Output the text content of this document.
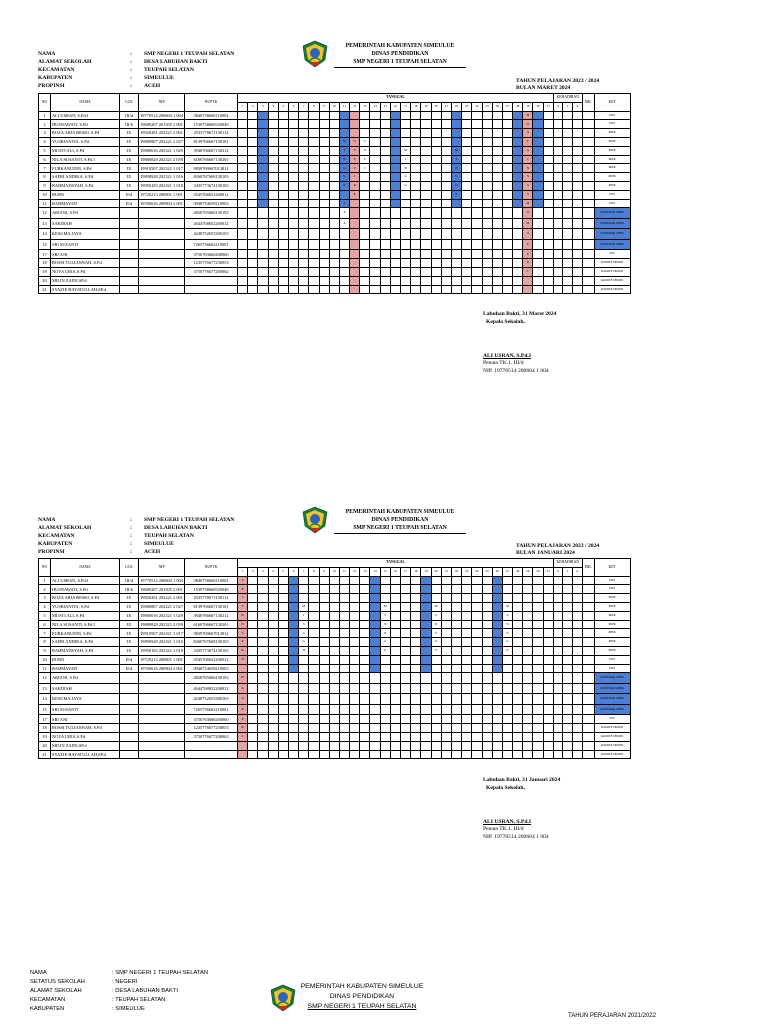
NAMA	:	SMP NEGERI 1 TEUPAH SELATAN
ALAMAT SEKOLAH	:	DESA LABUHAN BAKTI
KECAMATAN	:	TEUPAH SELATAN
KABUPATEN	:	SIMEULUE
PROPINSI	:	ACEH
PEMERINTAH KABUPATEN SIMEULUE
DINAS PENDIDIKAN
SMP NEGERI 1 TEUPAH SELATAN
TAHUN PELAJARAN 2023 / 2024
BULAN MARET 2024
NO	NAMA	GOL	NIP	NUPTK	TANGGAL																															KEHADIRAN			JML	KET
					1	2	3	4	5	6	7	8	9	10	11	12	13	14	15	16	17	18	19	20	21	22	23	24	25	26	27	28	29	30	31	S	I	A		
1	ALI USRAN, S.Pd.I	III/d	19770514 200604 1 004	3846756660110002																													W							PNS
2	HUSNAWATI, S.Pd	III/b	19680207 201505 2 001	1539758660520040																													W							PNS
3	ROZA ARIA RESKI, S.Pd	IX	19920201 202221 2 001	2533770671130112																													A							PPPK
4	YUSRIANITA, S.Pd	IX	19880807 202221 2 027	8139766667130101											M	N	C																F							PPPK
5	MUSTI ALI, S.Pd	IX	19880616 202321 1 029	3948766667130212											T	Y	U				M					M							A							PPPK
6	NILA SUSANTI, S.Pd.I	IX	19880828 202321 2 039	6160766667130201											N	E	T				I					T							I							PPPK
7	FURKANUDIN, S.Pd	IX	19910507 202321 1 017	9839769667013812											G	P	I				D					N							N							PPPK
8	SAFRI ANDIKA, S.Pd	IX	19890928 202321 1 016	8260767668130103											G	I					G					G							S							PPPK
9	RAHMADSYAH, S.Pd	IX	19950103 202321 1 018	3435773674130102											E	R					G					G							S							PPPK
10	RUBN	II/d	19720213 200801 1 001	0545766652200012												E										E							S							PNS
11	RAHMAYATI	II/d	19760616 200904 2 001	0948754658210002											S																		M							PNS
12	ARIANI, S.Pd			4828765666130192											A																		A							KONTRAK APBK
13	SAKDIAH			2644768652200012											A																		M							KONTRAK APBK
14	KESUMA JAYA			4248752655300103																													A							KONTRAK APBK
15	SRI SUSANTI			7265756662210001																													E							KONTRAK APBK
17	SRI ANI			3756763666200060																													E							P3S
18	ROSSI TULIANNAH, S.Pd			1235776677250053																													R							KOMITE MURNI
19	NOVA URIA,S.Pd			3750776677200062																													I							KOMITE MURNI
20	MILIN ZAINI,SP.d																																							KOMITE MURNI
21	SYAZIE HAYATULLAH,SP.d																																							KOMITE MURNI
Labuhan Bakti, 31 Maret 2024
Kepala Sekolah,
ALI USRAN, S.Pd.I
Penata TK.1. III/d
NIP. 19770514 200604 1 004
NAMA	:	SMP NEGERI 1 TEUPAH SELATAN
ALAMAT SEKOLAH	:	DESA LABUHAN BAKTI
KECAMATAN	:	TEUPAH SELATAN
KABUPATEN	:	SIMEULUE
PROPINSI	:	ACEH
PEMERINTAH KABUPATEN SIMEULUE
DINAS PENDIDIKAN
SMP NEGERI 1 TEUPAH SELATAN
TAHUN PELAJARAN 2023 / 2024
BULAN JANUARI 2024
NO	NAMA	GOL	NIP	NUPTK	TANGGAL																															KEHADIRAN			JML	KET
					1	2	3	4	5	6	7	8	9	10	11	12	13	14	15	16	17	18	19	20	21	22	23	24	25	26	27	28	29	30	31	S	I	A		
1	ALI USRAN, S.Pd.I	III/d	19770514 200604 1 004	3846756660110002	T																																			PNS
2	HUSNAWATI, S.Pd	III/b	19680207 201505 2 001	1539758660520040	E																																			PNS
3	ROZA ARIA RESKI, S.Pd	IX	19920201 202221 2 001	2533770671130112	S																																			PPPK
4	YUSRIANITA, S.Pd	IX	19880807 202221 2 027	8139766667130101	T						M								M					M							M									PPPK
5	MUSTI ALI, S.Pd	IX	19880616 202321 1 029	3948766667130212	K						I								S					S							S									PPPK
6	NILA SUSANTI, S.Pd.I	IX	19880828 202321 2 039	6160766667130201	N						S								N					N							N									PPPK
7	FURKANUDIN, S.Pd	IX	19910507 202321 1 017	9839769667013812	S						G								N					S							S									PPPK
8	SAFRI ANDIKA, S.Pd	IX	19890928 202321 1 016	8260767668130103	E						G								G					G							G									PPPK
9	RAHMADSYAH, S.Pd	IX	19950103 202321 1 018	3435773674130102	R						D								E					E							E									PPPK
10	RUBN	II/d	19720213 200801 1 001	0545766652200012	H																																			PNS
11	RAHMAYATI	II/d	19760616 200904 2 001	0948754658210002																																				PNS
12	ARIANI, S.Pd			4828765666130192	M																																			KONTRAK APBK
13	SAKDIAH			2644768652200012	A																																			KONTRAK APBK
14	KESUMA JAYA			4248752655300103	A																																			KONTRAK APBK
15	SRI SUSANTI			7265756662210001	R																																			KONTRAK APBK
17	SRI ANI			3756763666200060	E																																			P3S
18	ROSSI TULIANNAH, S.Pd			1235776677250053	R																																			KOMITE MURNI
19	NOVA URIA,S.Pd			3750776677200062	I																																			KOMITE MURNI
20	MILIN ZAINI,SP.d																																							KOMITE MURNI
21	SYAZIE HAYATULLAH,SP.d																																							KOMITE MURNI
Labuhan Bakti, 31 Januari 2024
Kepala Sekolah,
ALI USRAN, S.Pd.I
Penata TK.1. III/d
NIP. 19770514 200604 1 004
NAMA	: SMP NEGERI 1 TEUPAH SELATAN
SETATUS SEKOLAH	: NEGERI
ALAMAT SEKOLAH	: DESA LABUHAN BAKTI
KECAMATAN	: TEUPAH SELATAN
KABUPATEN	: SIMEULUE
PEMERINTAH KABUPATEN SIMEULUE
DINAS PENDIDIKAN
SMP NEGERI 1 TEUPAH SELATAN
TAHUN PERAJARAN 2021/2022
